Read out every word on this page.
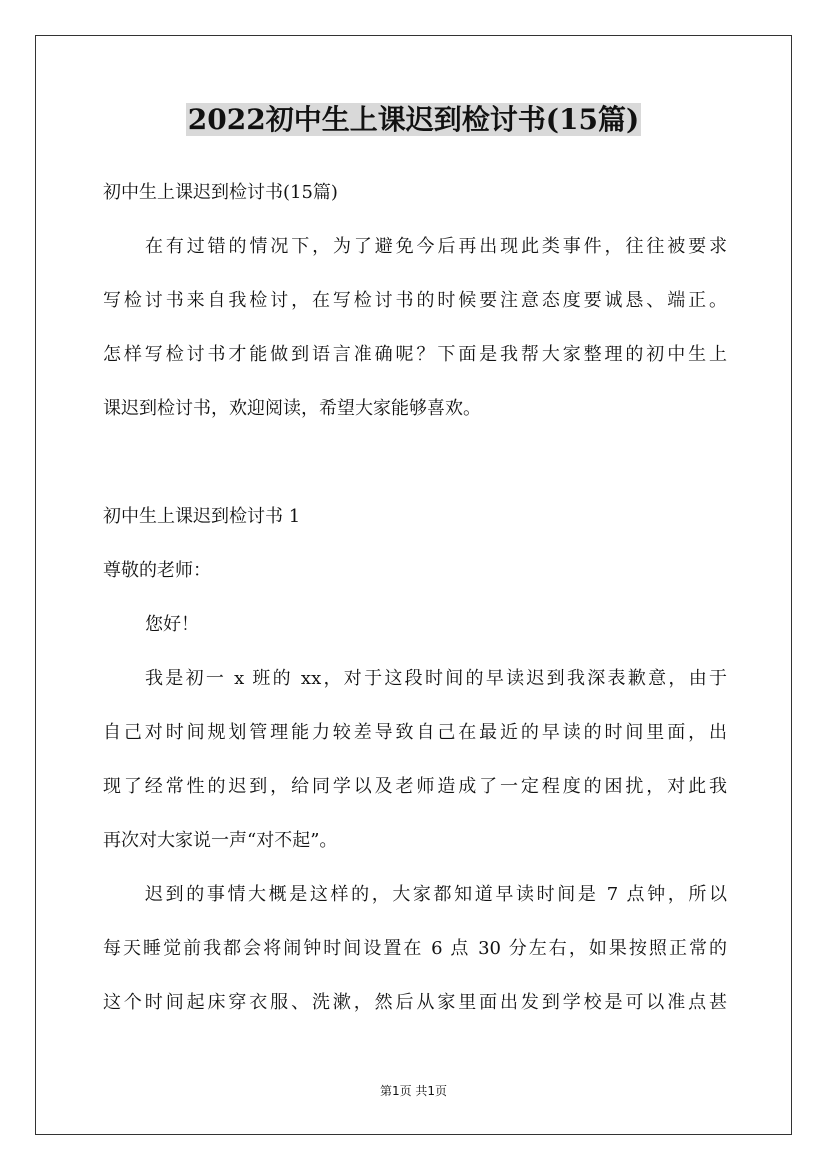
2022初中生上课迟到检讨书(15篇)
初中生上课迟到检讨书(15篇)
在有过错的情况下，为了避免今后再出现此类事件，往往被要求
写检讨书来自我检讨，在写检讨书的时候要注意态度要诚恳、端正。
怎样写检讨书才能做到语言准确呢？下面是我帮大家整理的初中生上
课迟到检讨书，欢迎阅读，希望大家能够喜欢。
初中生上课迟到检讨书 1
尊敬的老师：
您好！
我是初一 x 班的 xx，对于这段时间的早读迟到我深表歉意，由于
自己对时间规划管理能力较差导致自己在最近的早读的时间里面，出
现了经常性的迟到，给同学以及老师造成了一定程度的困扰，对此我
再次对大家说一声“对不起”。
迟到的事情大概是这样的，大家都知道早读时间是 7 点钟，所以
每天睡觉前我都会将闹钟时间设置在 6 点 30 分左右，如果按照正常的
这个时间起床穿衣服、洗漱，然后从家里面出发到学校是可以准点甚
第1页 共1页
